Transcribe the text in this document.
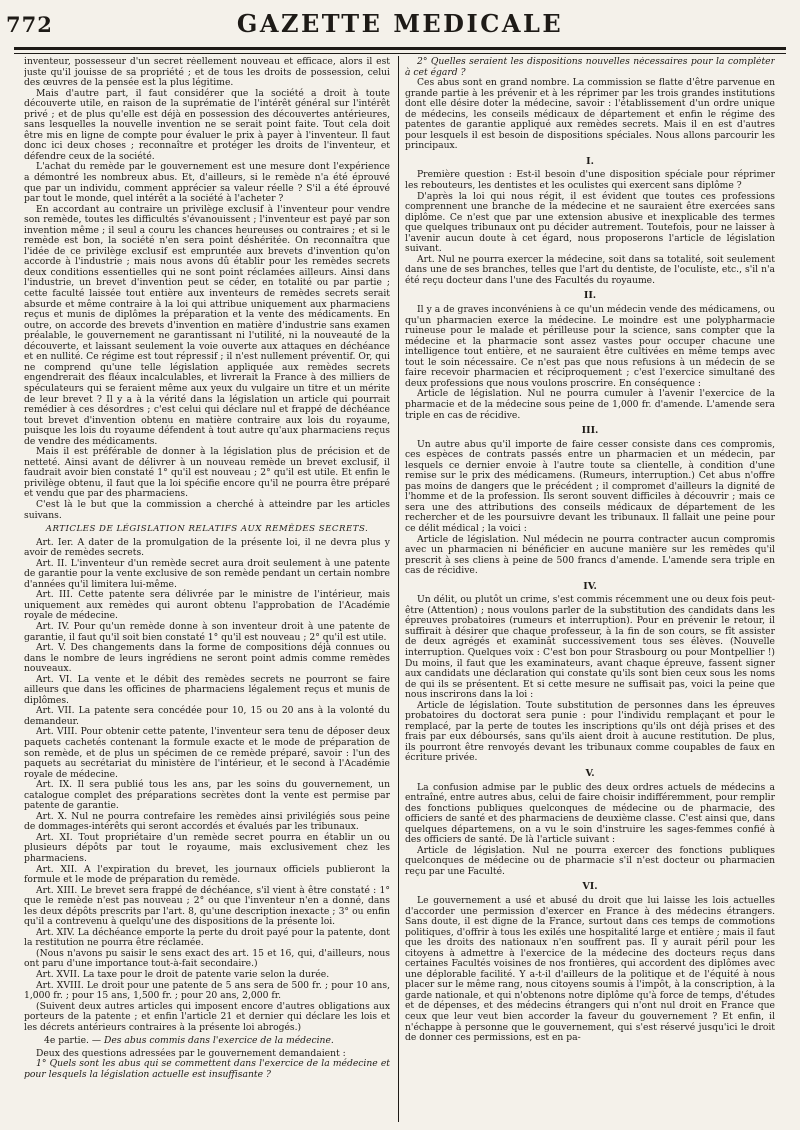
772	GAZETTE MEDICALE

inventeur, possesseur d'un secret réellement nouveau et efficace, alors il est juste qu'il jouisse de sa propriété ; et de tous les droits de possession, celui des œuvres de la pensée est la plus légitime.

Mais d'autre part, il faut considérer que la société a droit à toute découverte utile, en raison de la suprématie de l'intérêt général sur l'intérêt privé ; et de plus qu'elle est déjà en possession des découvertes antérieures, sans lesquelles la nouvelle invention ne se serait point faite. Tout cela doit être mis en ligne de compte pour évaluer le prix à payer à l'inventeur. Il faut donc ici deux choses ; reconnaître et protéger les droits de l'inventeur, et défendre ceux de la société.

L'achat du remède par le gouvernement est une mesure dont l'expérience a démontré les nombreux abus. Et, d'ailleurs, si le remède n'a été éprouvé que par un individu, comment apprécier sa valeur réelle ? S'il a été éprouvé par tout le monde, quel intérêt a la société à l'acheter ?

En accordant au contraire un privilège exclusif à l'inventeur pour vendre son remède, toutes les difficultés s'évanouissent ; l'inventeur est payé par son invention même ; il seul a couru les chances heureuses ou contraires ; et si le remède est bon, la société n'en sera point déshéritée. On reconnaîtra que l'idée de ce privilège exclusif est empruntée aux brevets d'invention qu'on accorde à l'industrie ; mais nous avons dû établir pour les remèdes secrets deux conditions essentielles qui ne sont point réclamées ailleurs. Ainsi dans l'industrie, un brevet d'invention peut se céder, en totalité ou par partie ; cette faculté laissée tout entière aux inventeurs de remèdes secrets serait absurde et même contraire à la loi qui attribue uniquement aux pharmaciens reçus et munis de diplômes la préparation et la vente des médicaments. En outre, on accorde des brevets d'invention en matière d'industrie sans examen préalable, le gouvernement ne garantissant ni l'utilité, ni la nouveauté de la découverte, et laissant seulement la voie ouverte aux attaques en déchéance et en nullité. Ce régime est tout répressif ; il n'est nullement préventif. Or, qui ne comprend qu'une telle législation appliquée aux remèdes secrets engendrerait des fléaux incalculables, et livrerait la France à des milliers de spéculateurs qui se feraient même aux yeux du vulgaire un titre et un mérite de leur brevet ? Il y a à la vérité dans la législation un article qui pourrait remédier à ces désordres ; c'est celui qui déclare nul et frappé de déchéance tout brevet d'invention obtenu en matière contraire aux lois du royaume, puisque les lois du royaume défendent à tout autre qu'aux pharmaciens reçus de vendre des médicaments.

Mais il est préférable de donner à la législation plus de précision et de netteté. Ainsi avant de délivrer à un nouveau remède un brevet exclusif, il faudrait avoir bien constaté 1° qu'il est nouveau ; 2° qu'il est utile. Et enfin le privilège obtenu, il faut que la loi spécifie encore qu'il ne pourra être préparé et vendu que par des pharmaciens.

C'est là le but que la commission a cherché à atteindre par les articles suivans.

ARTICLES DE LÉGISLATION RELATIFS AUX REMÈDES SECRETS.

Art. Ier. A dater de la promulgation de la présente loi, il ne devra plus y avoir de remèdes secrets.

Art. II. L'inventeur d'un remède secret aura droit seulement à une patente de garantie pour la vente exclusive de son remède pendant un certain nombre d'années qu'il limitera lui-même.

Art. III. Cette patente sera délivrée par le ministre de l'intérieur, mais uniquement aux remèdes qui auront obtenu l'approbation de l'Académie royale de médecine.

Art. IV. Pour qu'un remède donne à son inventeur droit à une patente de garantie, il faut qu'il soit bien constaté 1° qu'il est nouveau ; 2° qu'il est utile.

Art. V. Des changements dans la forme de compositions déjà connues ou dans le nombre de leurs ingrédiens ne seront point admis comme remèdes nouveaux.

Art. VI. La vente et le débit des remèdes secrets ne pourront se faire ailleurs que dans les officines de pharmaciens légalement reçus et munis de diplômes.

Art. VII. La patente sera concédée pour 10, 15 ou 20 ans à la volonté du demandeur.

Art. VIII. Pour obtenir cette patente, l'inventeur sera tenu de déposer deux paquets cachetés contenant la formule exacte et le mode de préparation de son remède, et de plus un spécimen de ce remède préparé, savoir : l'un des paquets au secrétariat du ministère de l'intérieur, et le second à l'Académie royale de médecine.

Art. IX. Il sera publié tous les ans, par les soins du gouvernement, un catalogue complet des préparations secrètes dont la vente est permise par patente de garantie.

Art. X. Nul ne pourra contrefaire les remèdes ainsi privilégiés sous peine de dommages-intérêts qui seront accordés et évalués par les tribunaux.

Art. XI. Tout propriétaire d'un remède secret pourra en établir un ou plusieurs dépôts par tout le royaume, mais exclusivement chez les pharmaciens.

Art. XII. A l'expiration du brevet, les journaux officiels publieront la formule et le mode de préparation du remède.

Art. XIII. Le brevet sera frappé de déchéance, s'il vient à être constaté : 1° que le remède n'est pas nouveau ; 2° ou que l'inventeur n'en a donné, dans les deux dépôts prescrits par l'art. 8, qu'une description inexacte ; 3° ou enfin qu'il a contrevenu à quelqu'une des dispositions de la présente loi.

Art. XIV. La déchéance emporte la perte du droit payé pour la patente, dont la restitution ne pourra être réclamée.

(Nous n'avons pu saisir le sens exact des art. 15 et 16, qui, d'ailleurs, nous ont paru d'une importance tout-à-fait secondaire.)

Art. XVII. La taxe pour le droit de patente varie selon la durée.

Art. XVIII. Le droit pour une patente de 5 ans sera de 500 fr. ; pour 10 ans, 1,000 fr. ; pour 15 ans, 1,500 fr. ; pour 20 ans, 2,000 fr.

(Suivent deux autres articles qui imposent encore d'autres obligations aux porteurs de la patente ; et enfin l'article 21 et dernier qui déclare les lois et les décrets antérieurs contraires à la présente loi abrogés.)

4e partie. — Des abus commis dans l'exercice de la médecine.

Deux des questions adressées par le gouvernement demandaient :

1° Quels sont les abus qui se commettent dans l'exercice de la médecine et pour lesquels la législation actuelle est insuffisante ?

2° Quelles seraient les dispositions nouvelles nécessaires pour la compléter à cet égard ?

Ces abus sont en grand nombre. La commission se flatte d'être parvenue en grande partie à les prévenir et à les réprimer par les trois grandes institutions dont elle désire doter la médecine, savoir : l'établissement d'un ordre unique de médecins, les conseils médicaux de département et enfin le régime des patentes de garantie appliqué aux remèdes secrets. Mais il en est d'autres pour lesquels il est besoin de dispositions spéciales. Nous allons parcourir les principaux.

I.

Première question : Est-il besoin d'une disposition spéciale pour réprimer les rebouteurs, les dentistes et les oculistes qui exercent sans diplôme ?

D'après la loi qui nous régit, il est évident que toutes ces professions comprennent une branche de la médecine et ne sauraient être exercées sans diplôme. Ce n'est que par une extension abusive et inexplicable des termes que quelques tribunaux ont pu décider autrement. Toutefois, pour ne laisser à l'avenir aucun doute à cet égard, nous proposerons l'article de législation suivant.

Art. Nul ne pourra exercer la médecine, soit dans sa totalité, soit seulement dans une de ses branches, telles que l'art du dentiste, de l'oculiste, etc., s'il n'a été reçu docteur dans l'une des Facultés du royaume.

II.

Il y a de graves inconvéniens à ce qu'un médecin vende des médicamens, ou qu'un pharmacien exerce la médecine. Le moindre est une polypharmacie ruineuse pour le malade et périlleuse pour la science, sans compter que la médecine et la pharmacie sont assez vastes pour occuper chacune une intelligence tout entière, et ne sauraient être cultivées en même temps avec tout le soin nécessaire. Ce n'est pas que nous refusions à un médecin de se faire recevoir pharmacien et réciproquement ; c'est l'exercice simultané des deux professions que nous voulons proscrire. En conséquence :

Article de législation. Nul ne pourra cumuler à l'avenir l'exercice de la pharmacie et de la médecine sous peine de 1,000 fr. d'amende. L'amende sera triple en cas de récidive.

III.

Un autre abus qu'il importe de faire cesser consiste dans ces compromis, ces espèces de contrats passés entre un pharmacien et un médecin, par lesquels ce dernier envoie à l'autre toute sa clientelle, à condition d'une remise sur le prix des médicamens. (Rumeurs, interruption.) Cet abus n'offre pas moins de dangers que le précédent ; il compromet d'ailleurs la dignité de l'homme et de la profession. Ils seront souvent difficiles à découvrir ; mais ce sera une des attributions des conseils médicaux de département de les rechercher et de les poursuivre devant les tribunaux. Il fallait une peine pour ce délit médical ; la voici :

Article de législation. Nul médecin ne pourra contracter aucun compromis avec un pharmacien ni bénéficier en aucune manière sur les remèdes qu'il prescrit à ses cliens à peine de 500 francs d'amende. L'amende sera triple en cas de récidive.

IV.

Un délit, ou plutôt un crime, s'est commis récemment une ou deux fois peut-être (Attention) ; nous voulons parler de la substitution des candidats dans les épreuves probatoires (rumeurs et interruption). Pour en prévenir le retour, il suffirait à désirer que chaque professeur, à la fin de son cours, se fît assister de deux agrégés et examinât successivement tous ses élèves. (Nouvelle interruption. Quelques voix : C'est bon pour Strasbourg ou pour Montpellier !) Du moins, il faut que les examinateurs, avant chaque épreuve, fassent signer aux candidats une déclaration qui constate qu'ils sont bien ceux sous les noms de qui ils se présentent. Et si cette mesure ne suffisait pas, voici la peine que nous inscrirons dans la loi :

Article de législation. Toute substitution de personnes dans les épreuves probatoires du doctorat sera punie : pour l'individu remplaçant et pour le remplacé, par la perte de toutes les inscriptions qu'ils ont déjà prises et des frais par eux déboursés, sans qu'ils aient droit à aucune restitution. De plus, ils pourront être renvoyés devant les tribunaux comme coupables de faux en écriture privée.

V.

La confusion admise par le public des deux ordres actuels de médecins a entraîné, entre autres abus, celui de faire choisir indifféremment, pour remplir des fonctions publiques quelconques de médecine ou de pharmacie, des officiers de santé et des pharmaciens de deuxième classe. C'est ainsi que, dans quelques départemens, on a vu le soin d'instruire les sages-femmes confié à des officiers de santé. De là l'article suivant :

Article de législation. Nul ne pourra exercer des fonctions publiques quelconques de médecine ou de pharmacie s'il n'est docteur ou pharmacien reçu par une Faculté.

VI.

Le gouvernement a usé et abusé du droit que lui laisse les lois actuelles d'accorder une permission d'exercer en France à des médecins étrangers. Sans doute, il est digne de la France, surtout dans ces temps de commotions politiques, d'offrir à tous les exilés une hospitalité large et entière ; mais il faut que les droits des nationaux n'en souffrent pas. Il y aurait péril pour les citoyens à admettre à l'exercice de la médecine des docteurs reçus dans certaines Facultés voisines de nos frontières, qui accordent des diplômes avec une déplorable facilité. Y a-t-il d'ailleurs de la politique et de l'équité à nous placer sur le même rang, nous citoyens soumis à l'impôt, à la conscription, à la garde nationale, et qui n'obtenons notre diplôme qu'à force de temps, d'études et de dépenses, et des médecins étrangers qui n'ont nul droit en France que ceux que leur veut bien accorder la faveur du gouvernement ? Et enfin, il n'échappe à personne que le gouvernement, qui s'est réservé jusqu'ici le droit de donner ces permissions, est en pa-
